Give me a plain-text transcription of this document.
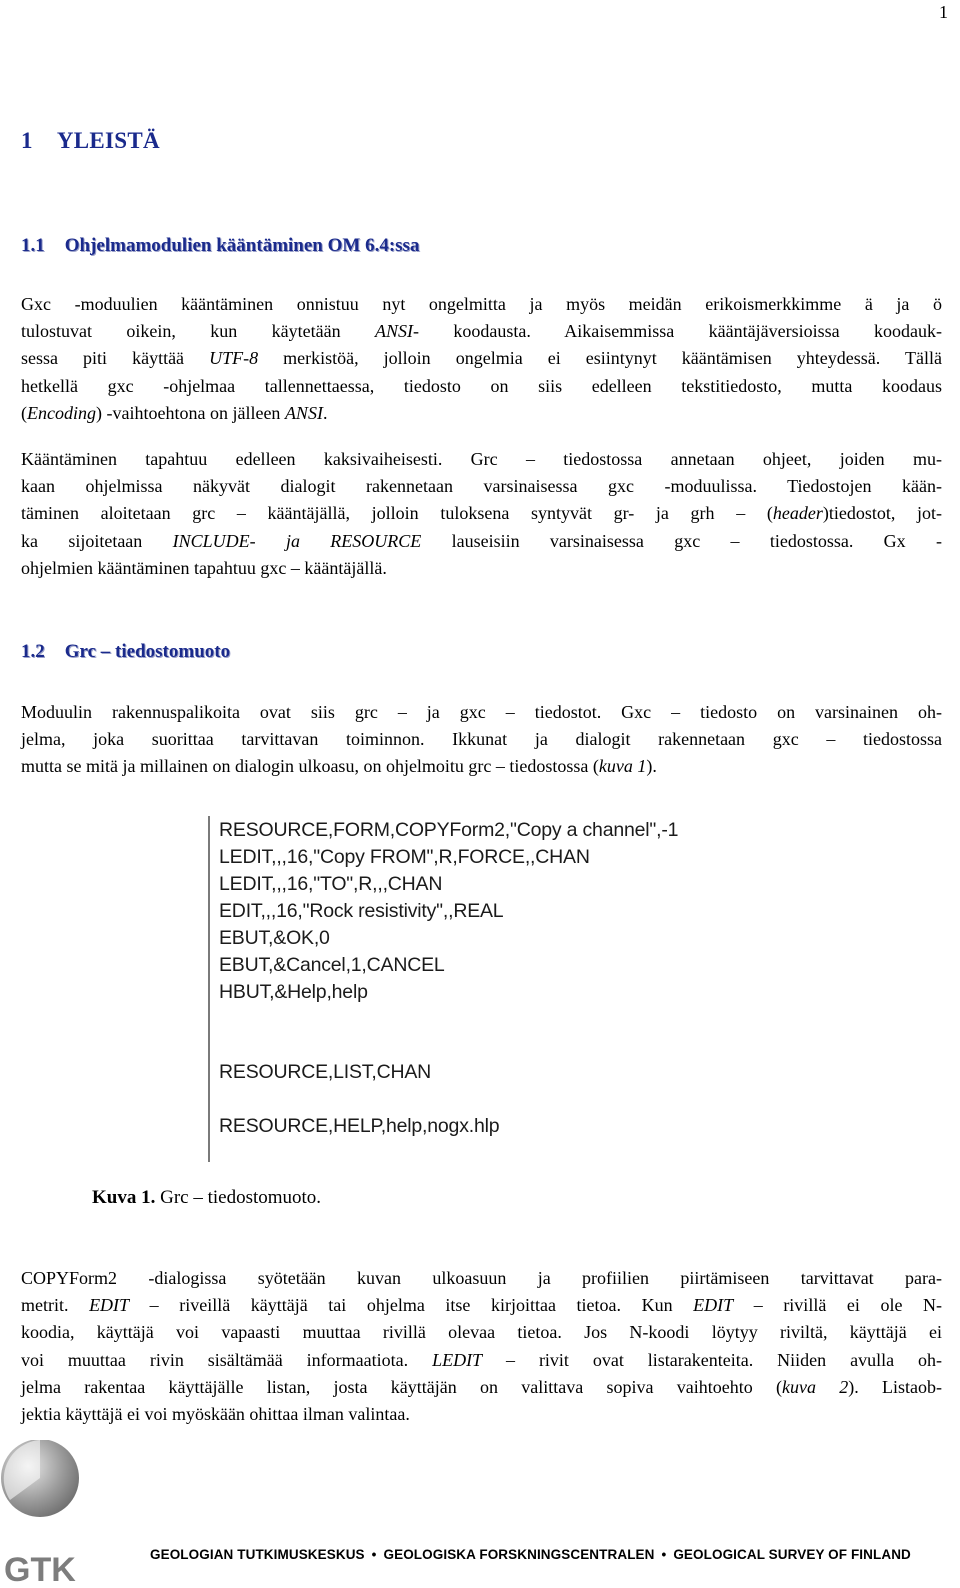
1
1 YLEISTÄ
1.1 Ohjelmamodulien kääntäminen OM 6.4:ssa
Gxc -moduulien kääntäminen onnistuu nyt ongelmitta ja myös meidän erikoismerkkimme ä ja ö
tulostuvat oikein, kun käytetään ANSI- koodausta. Aikaisemmissa kääntäjäversioissa koodauk-
sessa piti käyttää UTF-8 merkistöä, jolloin ongelmia ei esiintynyt kääntämisen yhteydessä. Tällä
hetkellä gxc -ohjelmaa tallennettaessa, tiedosto on siis edelleen tekstitiedosto, mutta koodaus
(Encoding) -vaihtoehtona on jälleen ANSI.
Kääntäminen tapahtuu edelleen kaksivaiheisesti. Grc – tiedostossa annetaan ohjeet, joiden mu-
kaan ohjelmissa näkyvät dialogit rakennetaan varsinaisessa gxc -moduulissa. Tiedostojen kään-
täminen aloitetaan grc – kääntäjällä, jolloin tuloksena syntyvät gr- ja grh – (header)tiedostot, jot-
ka sijoitetaan INCLUDE- ja RESOURCE lauseisiin varsinaisessa gxc – tiedostossa. Gx -
ohjelmien kääntäminen tapahtuu gxc – kääntäjällä.
1.2 Grc – tiedostomuoto
Moduulin rakennuspalikoita ovat siis grc – ja gxc – tiedostot. Gxc – tiedosto on varsinainen oh-
jelma, joka suorittaa tarvittavan toiminnon. Ikkunat ja dialogit rakennetaan gxc – tiedostossa
mutta se mitä ja millainen on dialogin ulkoasu, on ohjelmoitu grc – tiedostossa (kuva 1).
RESOURCE,FORM,COPYForm2,"Copy a channel",-1
LEDIT,,,16,"Copy FROM",R,FORCE,,CHAN
LEDIT,,,16,"TO",R,,,CHAN
EDIT,,,16,"Rock resistivity",,REAL
EBUT,&OK,0
EBUT,&Cancel,1,CANCEL
HBUT,&Help,help
RESOURCE,LIST,CHAN
RESOURCE,HELP,help,nogx.hlp
Kuva 1. Grc – tiedostomuoto.
COPYForm2 -dialogissa syötetään kuvan ulkoasuun ja profiilien piirtämiseen tarvittavat para-
metrit. EDIT – riveillä käyttäjä tai ohjelma itse kirjoittaa tietoa. Kun EDIT – rivillä ei ole N-
koodia, käyttäjä voi vapaasti muuttaa rivillä olevaa tietoa. Jos N-koodi löytyy riviltä, käyttäjä ei
voi muuttaa rivin sisältämää informaatiota. LEDIT – rivit ovat listarakenteita. Niiden avulla oh-
jelma rakentaa käyttäjälle listan, josta käyttäjän on valittava sopiva vaihtoehto (kuva 2). Listaob-
jektia käyttäjä ei voi myöskään ohittaa ilman valintaa.
GTK	GEOLOGIAN TUTKIMUSKESKUS • GEOLOGISKA FORSKNINGSCENTRALEN • GEOLOGICAL SURVEY OF FINLAND
